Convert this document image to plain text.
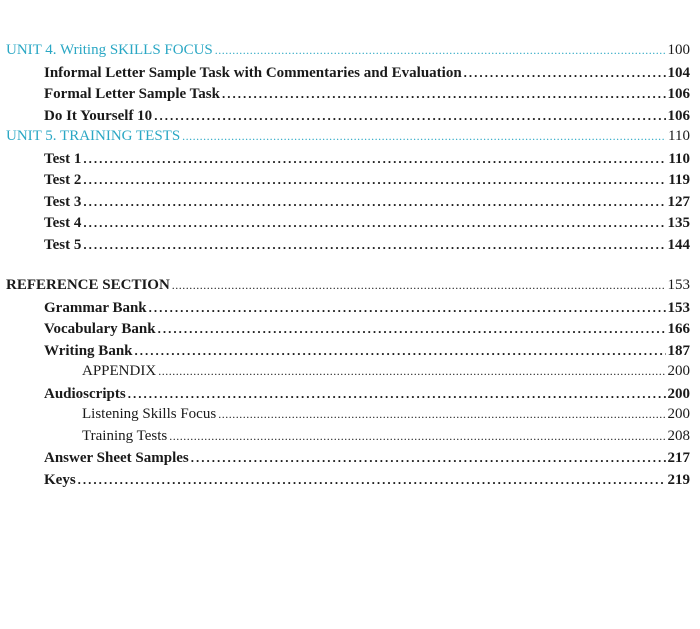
UNIT 4. Writing SKILLS FOCUS .....	100
Informal Letter Sample Task with Commentaries and Evaluation .....	104
Formal Letter Sample Task .....	106
Do It Yourself 10 .....	106
UNIT 5. TRAINING TESTS .....	110
Test 1 .....	110
Test 2 .....	119
Test 3 .....	127
Test 4 .....	135
Test 5 .....	144
REFERENCE SECTION .....	153
Grammar Bank .....	153
Vocabulary Bank .....	166
Writing Bank .....	187
APPENDIX .....	200
Audioscripts .....	200
Listening Skills Focus .....	200
Training Tests .....	208
Answer Sheet Samples .....	217
Keys .....	219
